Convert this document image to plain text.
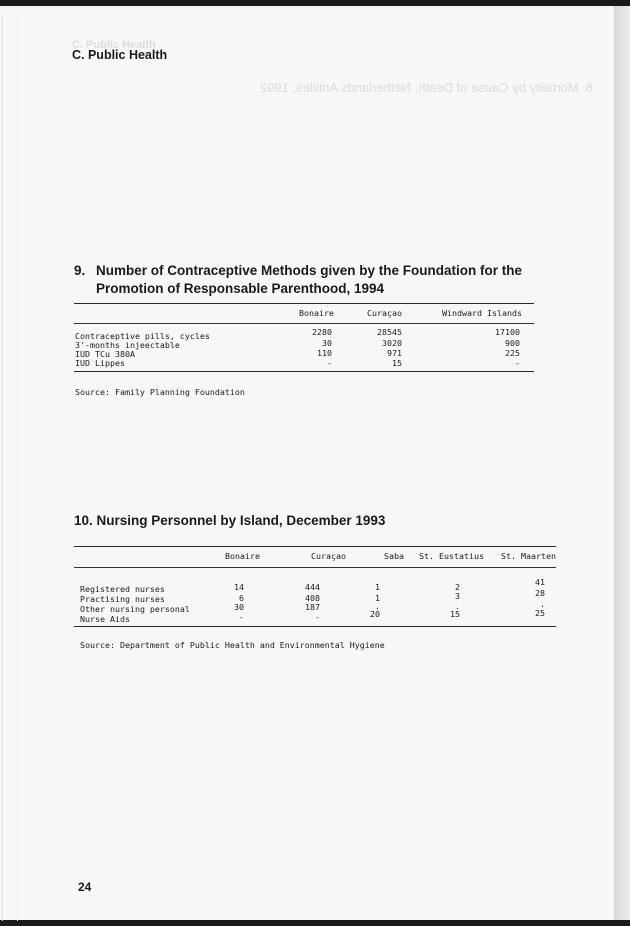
C. Public Health
8. Mortality by Cause of Death, Netherlands Antilles, 1992
C. Public Health
9. Number of Contraceptive Methods given by the Foundation for the
Promotion of Responsable Parenthood, 1994
Bonaire	Curaçao	Windward Islands
Contraceptive pills, cycles	2280	28545	17100
3'-months injeectable	30	3020	900
IUD TCu 380A	110	971	225
IUD Lippes	-	15	-
Source: Family Planning Foundation
10. Nursing Personnel by Island, December 1993
Bonaire	Curaçao	Saba	St. Eustatius	St. Maarten
Registered nurses	14	444	1	2	41
Practising nurses	6	408	1	3	28
Other nursing personal	30	187	.	.	.
Nurse Aids	-	-	20	15	25
Source: Department of Public Health and Environmental Hygiene
24
